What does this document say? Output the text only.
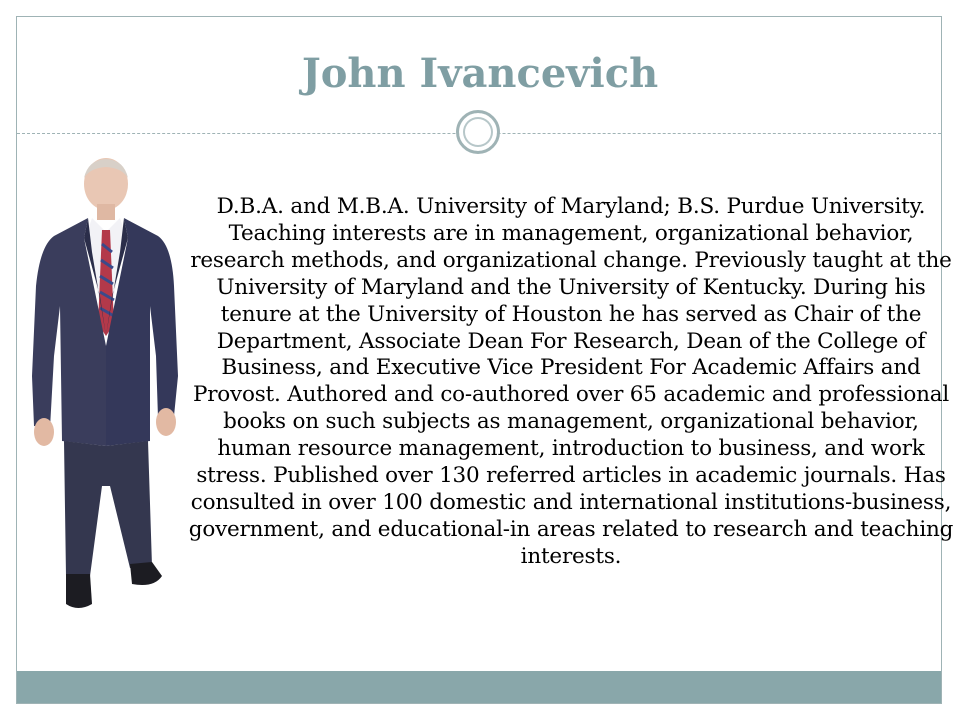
John Ivancevich

D.B.A. and M.B.A. University of Maryland; B.S. Purdue University. Teaching interests are in management, organizational behavior, research methods, and organizational change. Previously taught at the University of Maryland and the University of Kentucky. During his tenure at the University of Houston he has served as Chair of the Department, Associate Dean For Research, Dean of the College of Business, and Executive Vice President For Academic Affairs and Provost. Authored and co-authored over 65 academic and professional books on such subjects as management, organizational behavior, human resource management, introduction to business, and work stress. Published over 130 referred articles in academic journals. Has consulted in over 100 domestic and international institutions-business, government, and educational-in areas related to research and teaching interests.
